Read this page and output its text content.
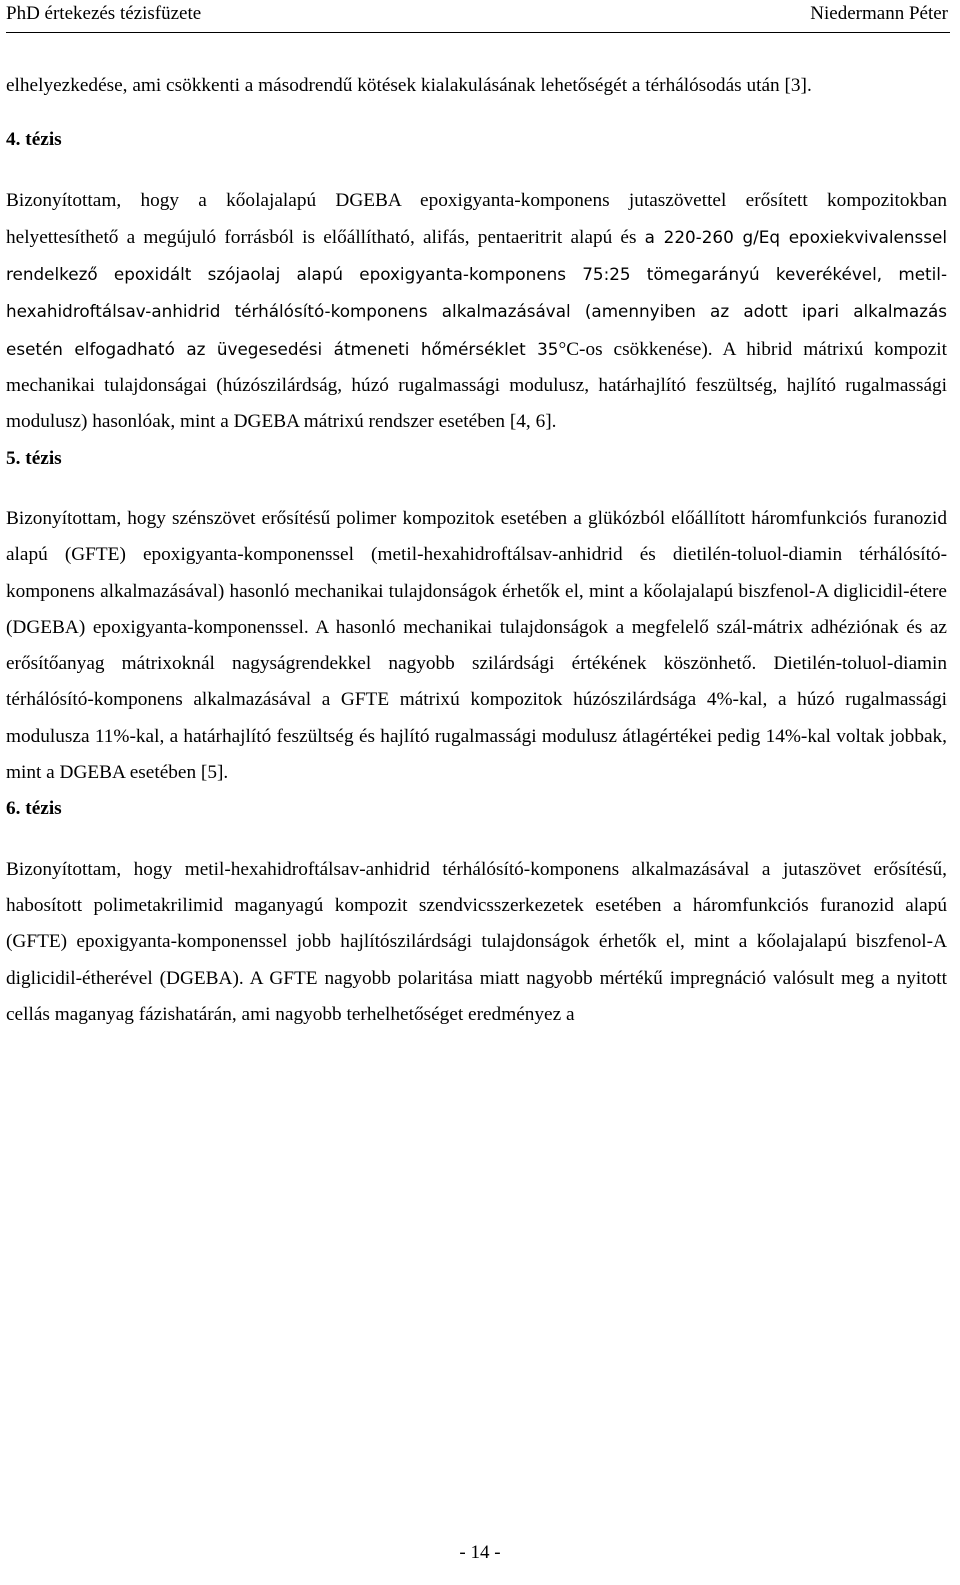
PhD értekezés tézisfüzete	Niedermann Péter

elhelyezkedése, ami csökkenti a másodrendű kötések kialakulásának lehetőségét a térhálósodás után [3].

4. tézis

Bizonyítottam, hogy a kőolajalapú DGEBA epoxigyanta-komponens jutaszövettel erősített kompozitokban helyettesíthető a megújuló forrásból is előállítható, alifás, pentaeritrit alapú és a 220-260 g/Eq epoxiekvivalenssel rendelkező epoxidált szójaolaj alapú epoxigyanta-komponens 75:25 tömegarányú keverékével, metil-hexahidroftálsav-anhidrid térhálósító-komponens alkalmazásával (amennyiben az adott ipari alkalmazás esetén elfogadható az üvegesedési átmeneti hőmérséklet 35°C-os csökkenése). A hibrid mátrixú kompozit mechanikai tulajdonságai (húzószilárdság, húzó rugalmassági modulusz, határhajlító feszültség, hajlító rugalmassági modulusz) hasonlóak, mint a DGEBA mátrixú rendszer esetében [4, 6].

5. tézis

Bizonyítottam, hogy szénszövet erősítésű polimer kompozitok esetében a glükózból előállított háromfunkciós furanozid alapú (GFTE) epoxigyanta-komponenssel (metil-hexahidroftálsav-anhidrid és dietilén-toluol-diamin térhálósító-komponens alkalmazásával) hasonló mechanikai tulajdonságok érhetők el, mint a kőolajalapú biszfenol-A diglicidil-étere (DGEBA) epoxigyanta-komponenssel. A hasonló mechanikai tulajdonságok a megfelelő szál-mátrix adhéziónak és az erősítőanyag mátrixoknál nagyságrendekkel nagyobb szilárdsági értékének köszönhető. Dietilén-toluol-diamin térhálósító-komponens alkalmazásával a GFTE mátrixú kompozitok húzószilárdsága 4%-kal, a húzó rugalmassági modulusza 11%-kal, a határhajlító feszültség és hajlító rugalmassági modulusz átlagértékei pedig 14%-kal voltak jobbak, mint a DGEBA esetében [5].

6. tézis

Bizonyítottam, hogy metil-hexahidroftálsav-anhidrid térhálósító-komponens alkalmazásával a jutaszövet erősítésű, habosított polimetakrilimid maganyagú kompozit szendvicsszerkezetek esetében a háromfunkciós furanozid alapú (GFTE) epoxigyanta-komponenssel jobb hajlítószilárdsági tulajdonságok érhetők el, mint a kőolajalapú biszfenol-A diglicidil-étherével (DGEBA). A GFTE nagyobb polaritása miatt nagyobb mértékű impregnáció valósult meg a nyitott cellás maganyag fázishatárán, ami nagyobb terhelhetőséget eredményez a

- 14 -
